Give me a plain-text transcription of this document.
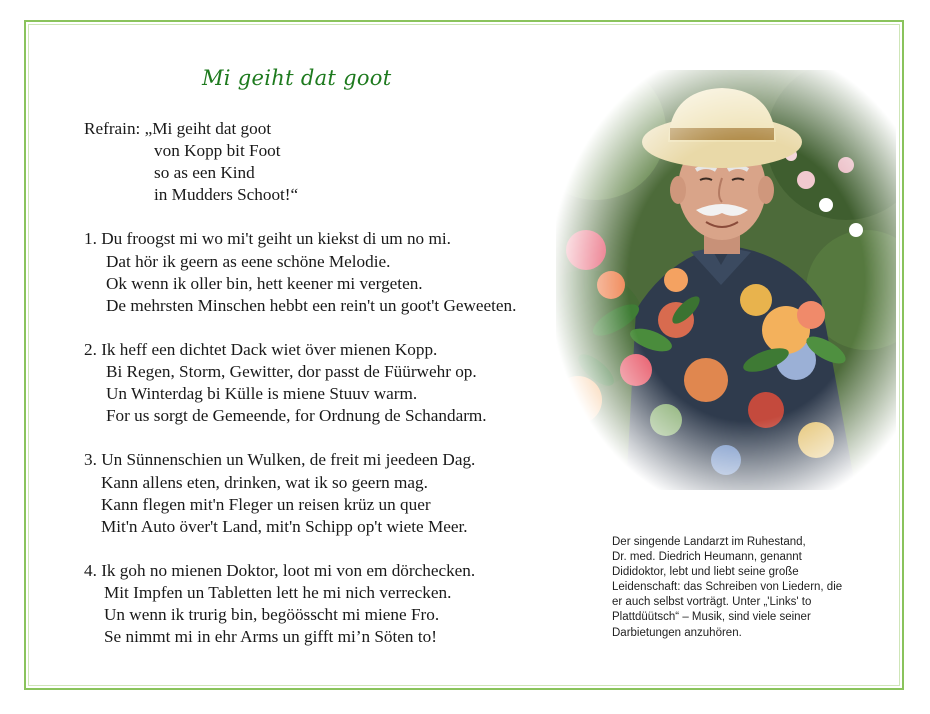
Mi geiht dat goot
Refrain: „Mi geiht dat goot
von Kopp bit Foot
so as een Kind
in Mudders Schoot!“
1. Du froogst mi wo mi't geiht un kiekst di um no mi.
Dat hör ik geern as eene schöne Melodie.
Ok wenn ik oller bin, hett keener mi vergeten.
De mehrsten Minschen hebbt een rein't un goot't Geweeten.
2. Ik heff een dichtet Dack wiet över mienen Kopp.
Bi Regen, Storm, Gewitter, dor passt de Füürwehr op.
Un Winterdag bi Külle is miene Stuuv warm.
For us sorgt de Gemeende, for Ordnung de Schandarm.
3. Un Sünnenschien un Wulken, de freit mi jeedeen Dag.
Kann allens eten, drinken, wat ik so geern mag.
Kann flegen mit'n Fleger un reisen krüz un quer
Mit'n Auto över't Land, mit'n Schipp op't wiete Meer.
4. Ik goh no mienen Doktor, loot mi von em dörchecken.
Mit Impfen un Tabletten lett he mi nich verrecken.
Un wenn ik trurig bin, begöösscht mi miene Fro.
Se nimmt mi in ehr Arms un gifft mi’n Söten to!
Der singende Landarzt im Ruhestand,
Dr. med. Diedrich Heumann, genannt
Dididoktor, lebt und liebt seine große
Leidenschaft: das Schreiben von Liedern, die
er auch selbst vorträgt. Unter „'Links' to
Plattdüütsch“ – Musik, sind viele seiner
Darbietungen anzuhören.
